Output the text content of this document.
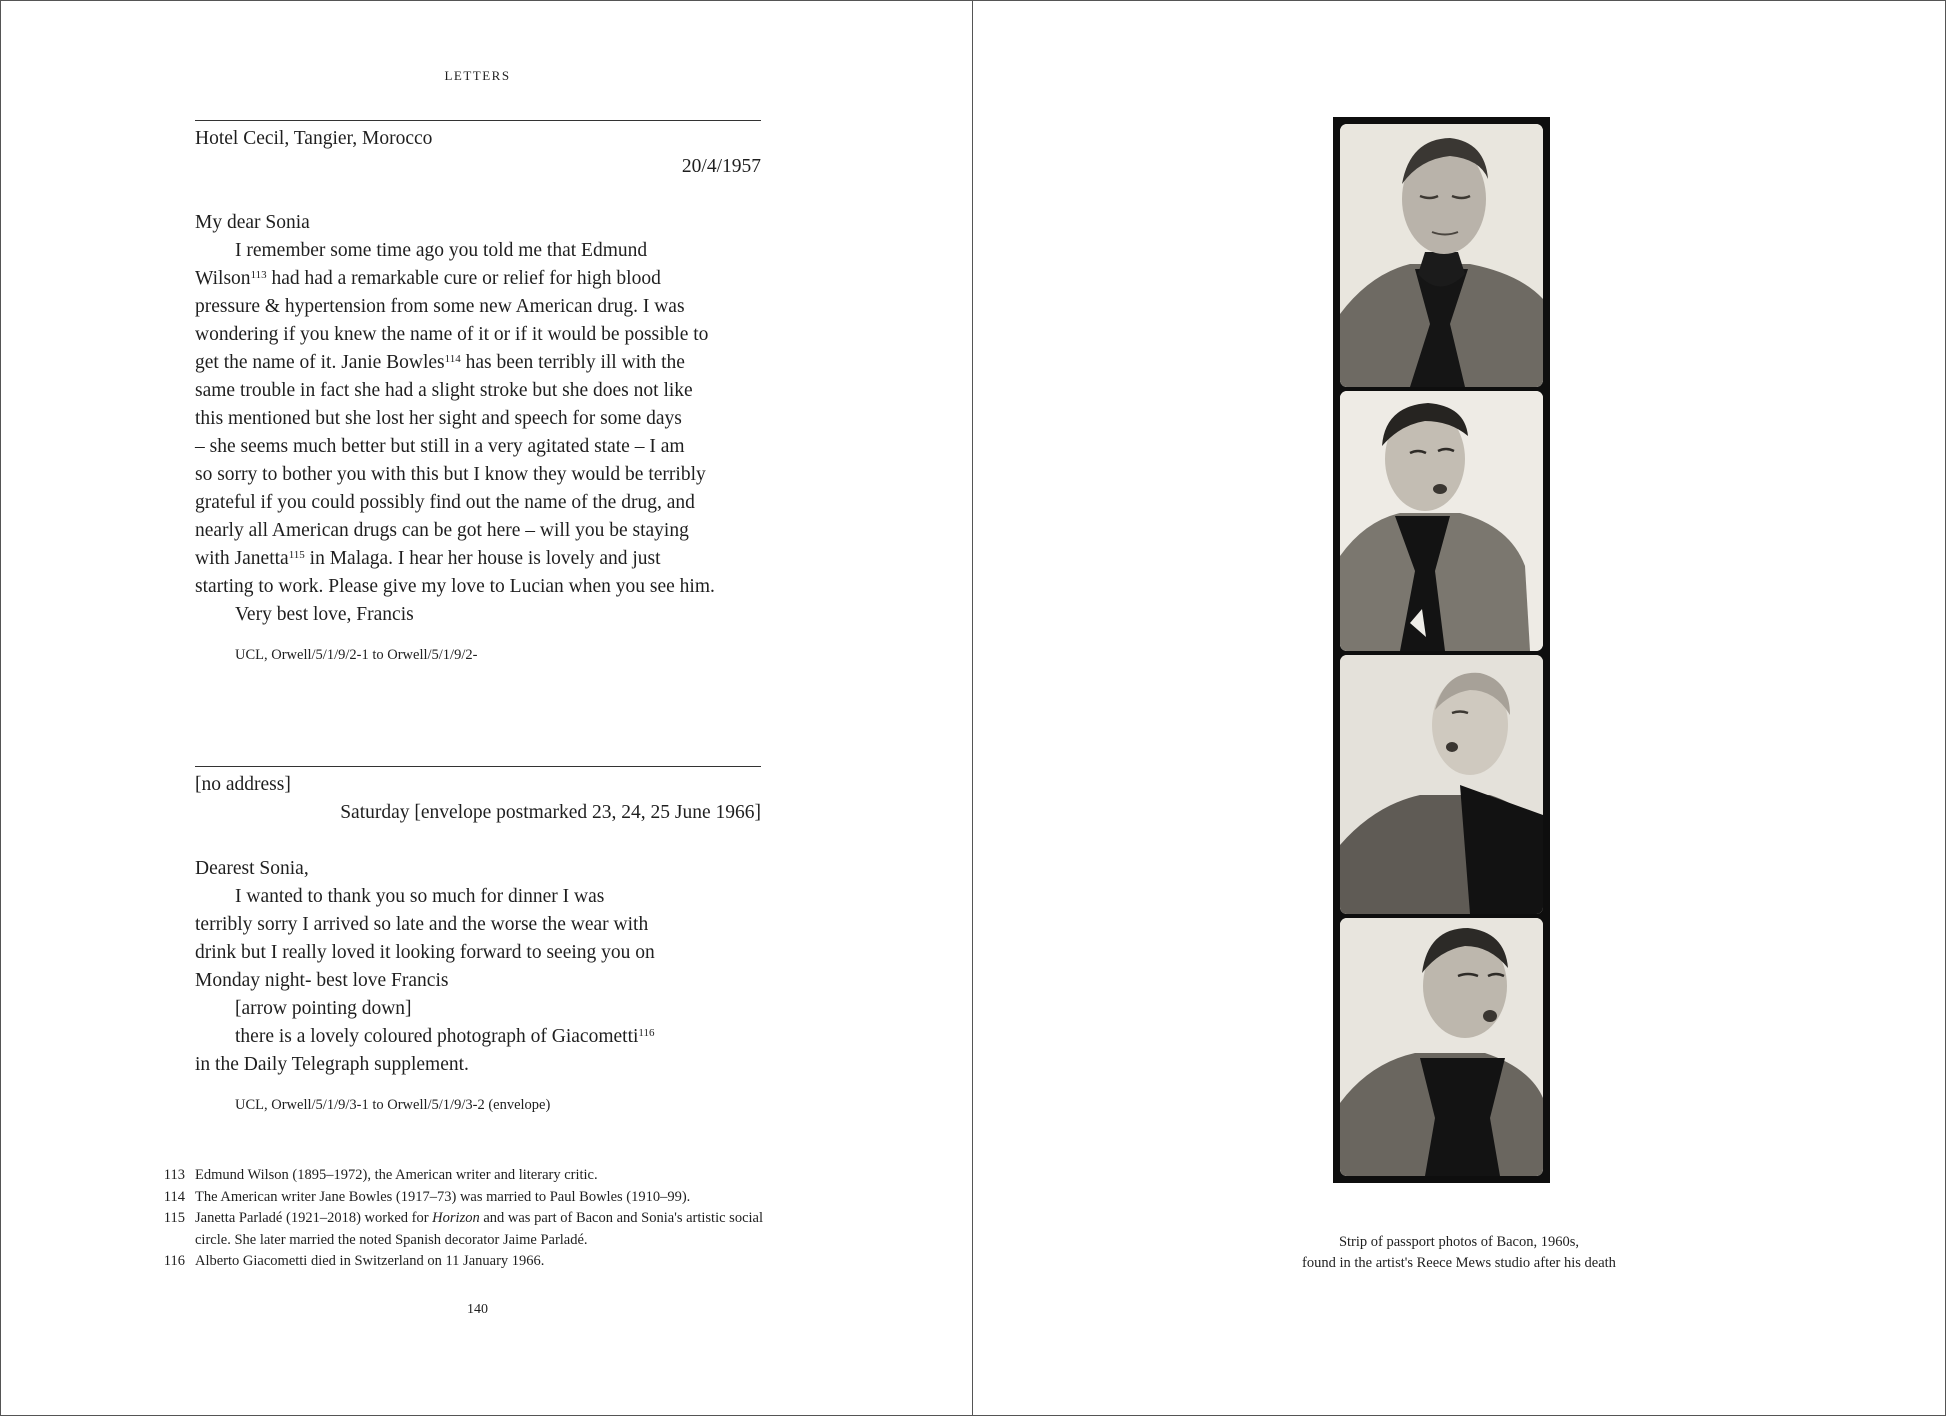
LETTERS
Hotel Cecil, Tangier, Morocco
20/4/1957
My dear Sonia
I remember some time ago you told me that Edmund
Wilson$^{113}$ had had a remarkable cure or relief for high blood
pressure & hypertension from some new American drug. I was
wondering if you knew the name of it or if it would be possible to
get the name of it. Janie Bowles$^{114}$ has been terribly ill with the
same trouble in fact she had a slight stroke but she does not like
this mentioned but she lost her sight and speech for some days
– she seems much better but still in a very agitated state – I am
so sorry to bother you with this but I know they would be terribly
grateful if you could possibly find out the name of the drug, and
nearly all American drugs can be got here – will you be staying
with Janetta$^{115}$ in Malaga. I hear her house is lovely and just
starting to work. Please give my love to Lucian when you see him.
Very best love, Francis
UCL, Orwell/5/1/9/2-1 to Orwell/5/1/9/2-
[no address]
Saturday [envelope postmarked 23, 24, 25 June 1966]
Dearest Sonia,
I wanted to thank you so much for dinner I was
terribly sorry I arrived so late and the worse the wear with
drink but I really loved it looking forward to seeing you on
Monday night- best love Francis
[arrow pointing down]
there is a lovely coloured photograph of Giacometti$^{116}$
in the Daily Telegraph supplement.
UCL, Orwell/5/1/9/3-1 to Orwell/5/1/9/3-2 (envelope)
113 Edmund Wilson (1895–1972), the American writer and literary critic.
114 The American writer Jane Bowles (1917–73) was married to Paul Bowles (1910–99).
115 Janetta Parladé (1921–2018) worked for Horizon and was part of Bacon and Sonia's artistic social circle. She later married the noted Spanish decorator Jaime Parladé.
116 Alberto Giacometti died in Switzerland on 11 January 1966.
140
Strip of passport photos of Bacon, 1960s,
found in the artist's Reece Mews studio after his death
